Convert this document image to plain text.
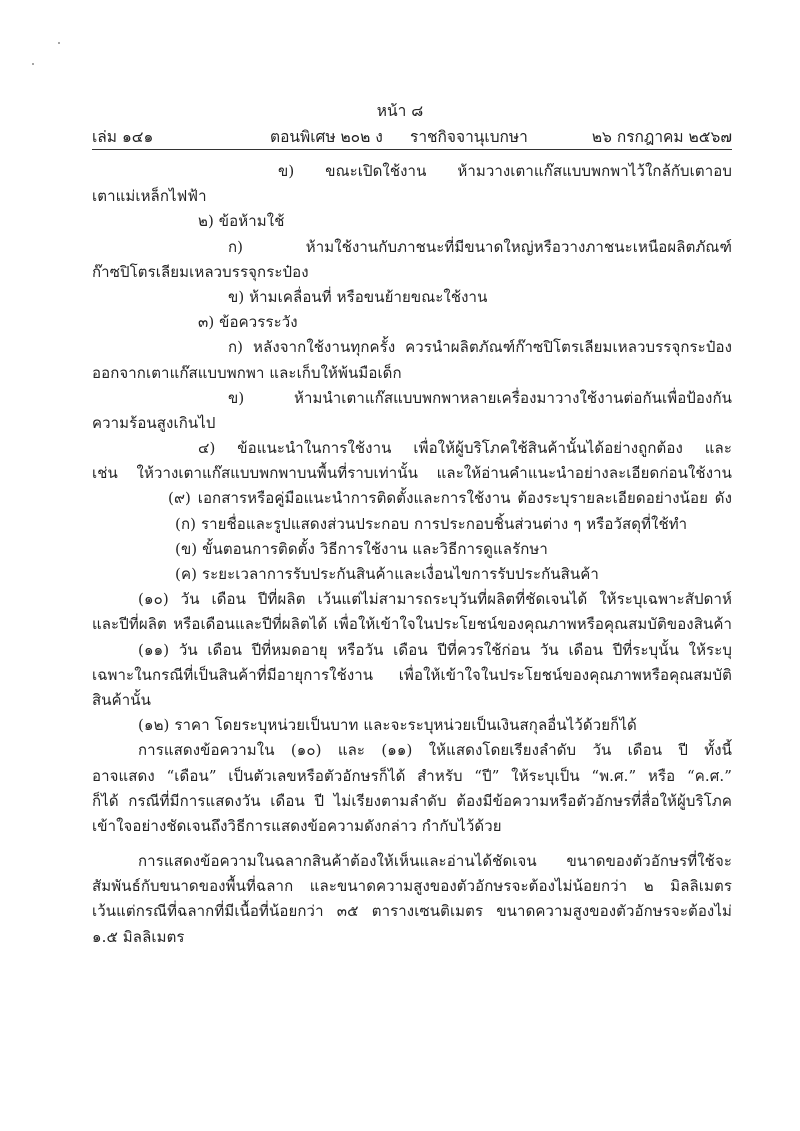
หน้า ๘
เล่ม ๑๔๑	ตอนพิเศษ ๒๐๒ ง ราชกิจจานุเบกษา	๒๖ กรกฎาคม ๒๕๖๗
ข) ขณะเปิดใช้งาน ห้ามวางเตาแก๊สแบบพกพาไว้ใกล้กับเตาอบ
เตาแม่เหล็กไฟฟ้า
๒) ข้อห้ามใช้
ก) ห้ามใช้งานกับภาชนะที่มีขนาดใหญ่หรือวางภาชนะเหนือผลิตภัณฑ์
ก๊าซปิโตรเลียมเหลวบรรจุกระป๋อง
ข) ห้ามเคลื่อนที่ หรือขนย้ายขณะใช้งาน
๓) ข้อควรระวัง
ก) หลังจากใช้งานทุกครั้ง ควรนำผลิตภัณฑ์ก๊าซปิโตรเลียมเหลวบรรจุกระป๋อง
ออกจากเตาแก๊สแบบพกพา และเก็บให้พ้นมือเด็ก
ข) ห้ามนำเตาแก๊สแบบพกพาหลายเครื่องมาวางใช้งานต่อกันเพื่อป้องกัน
ความร้อนสูงเกินไป
๔) ข้อแนะนำในการใช้งาน เพื่อให้ผู้บริโภคใช้สินค้านั้นได้อย่างถูกต้อง และ
เช่น ให้วางเตาแก๊สแบบพกพาบนพื้นที่ราบเท่านั้น และให้อ่านคำแนะนำอย่างละเอียดก่อนใช้งาน
(๙) เอกสารหรือคู่มือแนะนำการติดตั้งและการใช้งาน ต้องระบุรายละเอียดอย่างน้อย ดัง
(ก) รายชื่อและรูปแสดงส่วนประกอบ การประกอบชิ้นส่วนต่าง ๆ หรือวัสดุที่ใช้ทำ
(ข) ขั้นตอนการติดตั้ง วิธีการใช้งาน และวิธีการดูแลรักษา
(ค) ระยะเวลาการรับประกันสินค้าและเงื่อนไขการรับประกันสินค้า
(๑๐) วัน เดือน ปีที่ผลิต เว้นแต่ไม่สามารถระบุวันที่ผลิตที่ชัดเจนได้ ให้ระบุเฉพาะสัปดาห์
และปีที่ผลิต หรือเดือนและปีที่ผลิตได้ เพื่อให้เข้าใจในประโยชน์ของคุณภาพหรือคุณสมบัติของสินค้า
(๑๑) วัน เดือน ปีที่หมดอายุ หรือวัน เดือน ปีที่ควรใช้ก่อน วัน เดือน ปีที่ระบุนั้น ให้ระบุ
เฉพาะในกรณีที่เป็นสินค้าที่มีอายุการใช้งาน เพื่อให้เข้าใจในประโยชน์ของคุณภาพหรือคุณสมบัติ
สินค้านั้น
(๑๒) ราคา โดยระบุหน่วยเป็นบาท และจะระบุหน่วยเป็นเงินสกุลอื่นไว้ด้วยก็ได้
การแสดงข้อความใน (๑๐) และ (๑๑) ให้แสดงโดยเรียงลำดับ วัน เดือน ปี ทั้งนี้
อาจแสดง “เดือน” เป็นตัวเลขหรือตัวอักษรก็ได้ สำหรับ “ปี” ให้ระบุเป็น “พ.ศ.” หรือ “ค.ศ.”
ก็ได้ กรณีที่มีการแสดงวัน เดือน ปี ไม่เรียงตามลำดับ ต้องมีข้อความหรือตัวอักษรที่สื่อให้ผู้บริโภค
เข้าใจอย่างชัดเจนถึงวิธีการแสดงข้อความดังกล่าว กำกับไว้ด้วย
การแสดงข้อความในฉลากสินค้าต้องให้เห็นและอ่านได้ชัดเจน ขนาดของตัวอักษรที่ใช้จะ
สัมพันธ์กับขนาดของพื้นที่ฉลาก และขนาดความสูงของตัวอักษรจะต้องไม่น้อยกว่า ๒ มิลลิเมตร
เว้นแต่กรณีที่ฉลากที่มีเนื้อที่น้อยกว่า ๓๕ ตารางเซนติเมตร ขนาดความสูงของตัวอักษรจะต้องไม่
๑.๕ มิลลิเมตร
